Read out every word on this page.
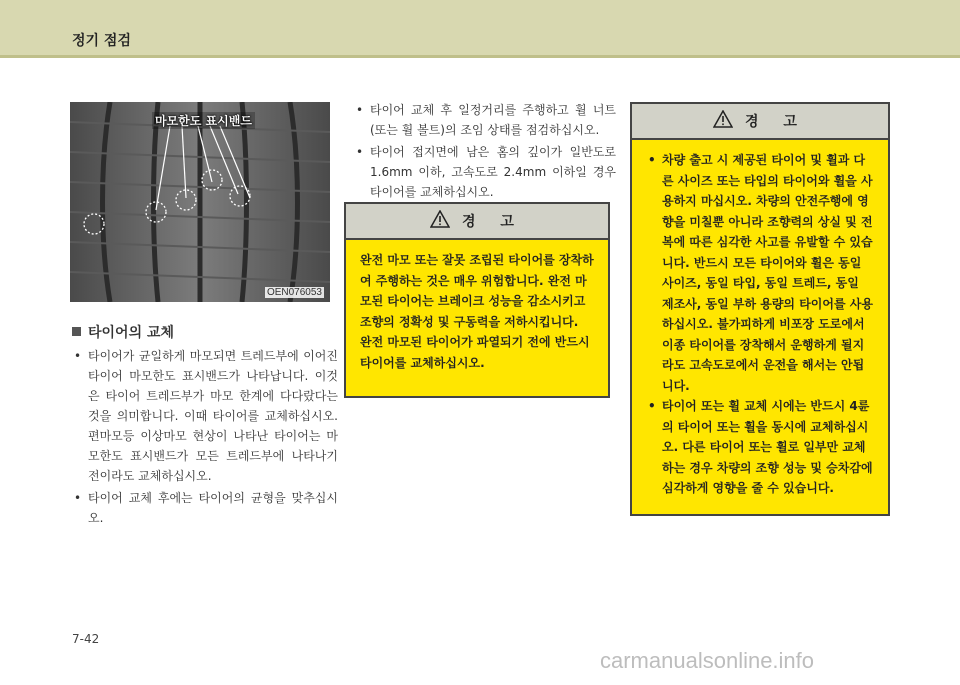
정기 점검
마모한도 표시밴드
OEN076053
타이어의 교체
• 타이어가 균일하게 마모되면 트레드부에 이어진 타이어 마모한도 표시밴드가 나타납니다. 이것은 타이어 트레드부가 마모 한계에 다다랐다는 것을 의미합니다. 이때 타이어를 교체하십시오. 편마모등 이상마모 현상이 나타난 타이어는 마모한도 표시밴드가 모든 트레드부에 나타나기 전이라도 교체하십시오.
• 타이어 교체 후에는 타이어의 균형을 맞추십시오.
• 타이어 교체 후 일정거리를 주행하고 휠 너트(또는 휠 볼트)의 조임 상태를 점검하십시오.
• 타이어 접지면에 남은 홈의 깊이가 일반도로 1.6mm 이하, 고속도로 2.4mm 이하일 경우 타이어를 교체하십시오.
경 고
완전 마모 또는 잘못 조립된 타이어를 장착하여 주행하는 것은 매우 위험합니다. 완전 마모된 타이어는 브레이크 성능을 감소시키고 조향의 정확성 및 구동력을 저하시킵니다. 완전 마모된 타이어가 파열되기 전에 반드시 타이어를 교체하십시오.
경 고
• 차량 출고 시 제공된 타이어 및 휠과 다른 사이즈 또는 타입의 타이어와 휠을 사용하지 마십시오. 차량의 안전주행에 영향을 미칠뿐 아니라 조향력의 상실 및 전복에 따른 심각한 사고를 유발할 수 있습니다. 반드시 모든 타이어와 휠은 동일 사이즈, 동일 타입, 동일 트레드, 동일 제조사, 동일 부하 용량의 타이어를 사용하십시오. 불가피하게 비포장 도로에서 이종 타이어를 장착해서 운행하게 될지라도 고속도로에서 운전을 해서는 안됩니다.
• 타이어 또는 휠 교체 시에는 반드시 4륜의 타이어 또는 휠을 동시에 교체하십시오. 다른 타이어 또는 휠로 일부만 교체하는 경우 차량의 조향 성능 및 승차감에 심각하게 영향을 줄 수 있습니다.
7-42
carmanualsonline.info
